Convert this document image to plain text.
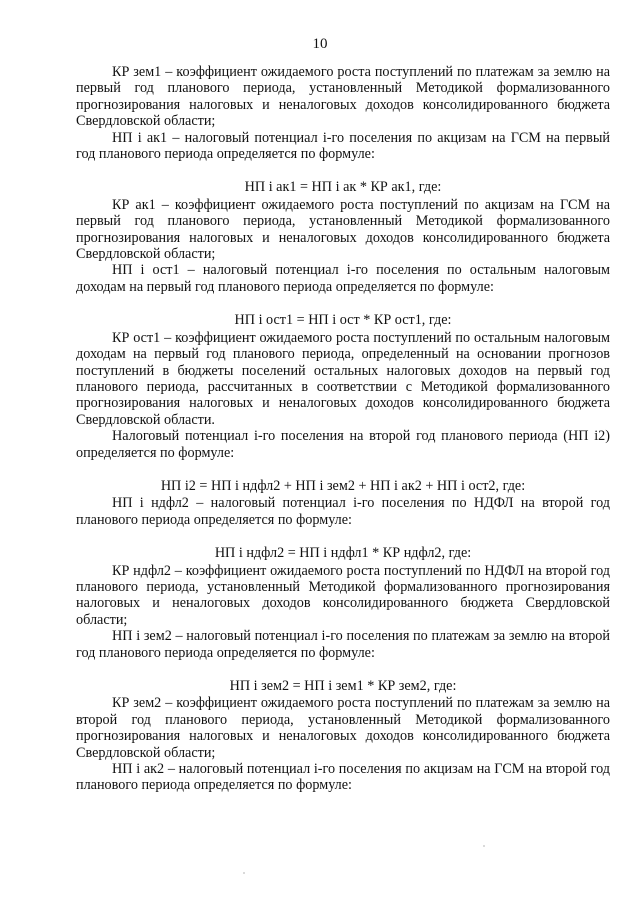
10

КР зем1 – коэффициент ожидаемого роста поступлений по платежам за землю на первый год планового периода, установленный Методикой формализованного прогнозирования налоговых и неналоговых доходов консолидированного бюджета Свердловской области;

НП i ак1 – налоговый потенциал i-го поселения по акцизам на ГСМ на первый год планового периода определяется по формуле:

НП i ак1 = НП i ак * КР ак1, где:

КР ак1 – коэффициент ожидаемого роста поступлений по акцизам на ГСМ на первый год планового периода, установленный Методикой формализованного прогнозирования налоговых и неналоговых доходов консолидированного бюджета Свердловской области;

НП i ост1 – налоговый потенциал i-го поселения по остальным налоговым доходам на первый год планового периода определяется по формуле:

НП i ост1 = НП i ост * КР ост1, где:

КР ост1 – коэффициент ожидаемого роста поступлений по остальным налоговым доходам на первый год планового периода, определенный на основании прогнозов поступлений в бюджеты поселений остальных налоговых доходов на первый год планового периода, рассчитанных в соответствии с Методикой формализованного прогнозирования налоговых и неналоговых доходов консолидированного бюджета Свердловской области.

Налоговый потенциал i-го поселения на второй год планового периода (НП i2) определяется по формуле:

НП i2 = НП i ндфл2 + НП i зем2 + НП i ак2 + НП i ост2, где:

НП i ндфл2 – налоговый потенциал i-го поселения по НДФЛ на второй год планового периода определяется по формуле:

НП i ндфл2 = НП i ндфл1 * КР ндфл2, где:

КР ндфл2 – коэффициент ожидаемого роста поступлений по НДФЛ на второй год планового периода, установленный Методикой формализованного прогнозирования налоговых и неналоговых доходов консолидированного бюджета Свердловской области;

НП i зем2 – налоговый потенциал i-го поселения по платежам за землю на второй год планового периода определяется по формуле:

НП i зем2 = НП i зем1 * КР зем2, где:

КР зем2 – коэффициент ожидаемого роста поступлений по платежам за землю на второй год планового периода, установленный Методикой формализованного прогнозирования налоговых и неналоговых доходов консолидированного бюджета Свердловской области;

НП i ак2 – налоговый потенциал i-го поселения по акцизам на ГСМ на второй год планового периода определяется по формуле:
